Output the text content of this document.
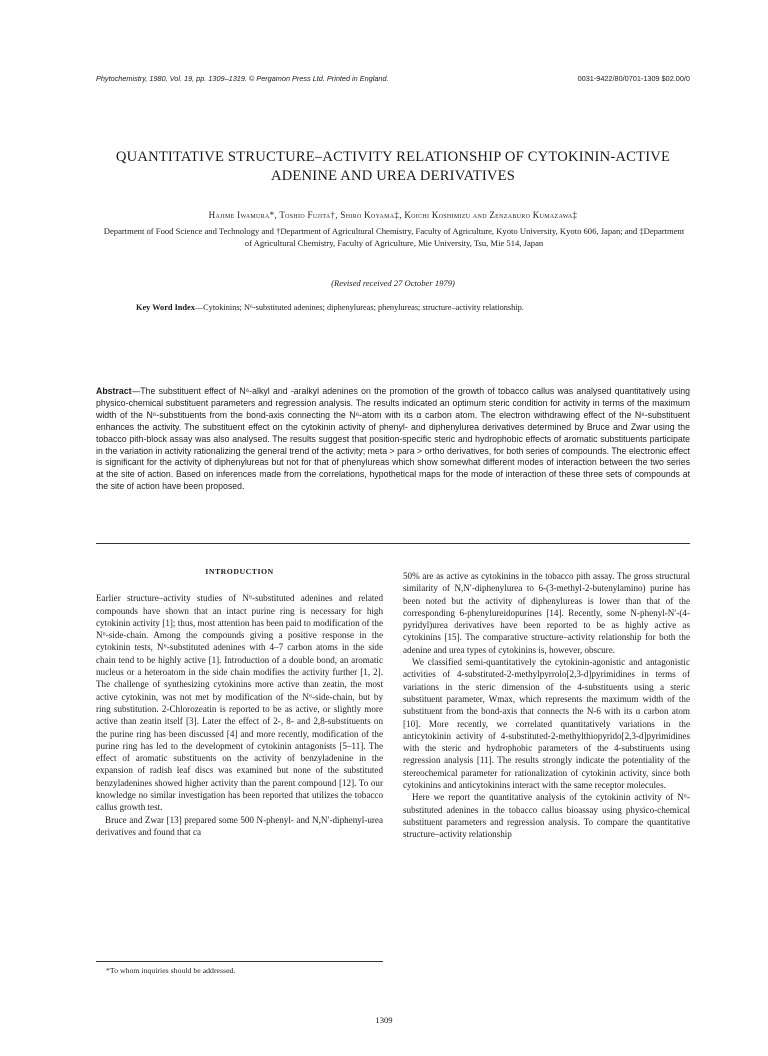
Phytochemistry, 1980, Vol. 19, pp. 1309–1319. © Pergamon Press Ltd. Printed in England.	0031-9422/80/0701-1309 $02.00/0
QUANTITATIVE STRUCTURE–ACTIVITY RELATIONSHIP OF CYTOKININ-ACTIVE ADENINE AND UREA DERIVATIVES
Hajime Iwamura*, Toshio Fujita†, Shiro Koyama‡, Koichi Koshimizu and Zenzaburo Kumazawa‡
Department of Food Science and Technology and †Department of Agricultural Chemistry, Faculty of Agriculture, Kyoto University, Kyoto 606, Japan; and ‡Department of Agricultural Chemistry, Faculty of Agriculture, Mie University, Tsu, Mie 514, Japan
(Revised received 27 October 1979)
Key Word Index—Cytokinins; N⁶-substituted adenines; diphenylureas; phenylureas; structure–activity relationship.
Abstract—The substituent effect of N⁶-alkyl and -aralkyl adenines on the promotion of the growth of tobacco callus was analysed quantitatively using physico-chemical substituent parameters and regression analysis. The results indicated an optimum steric condition for activity in terms of the maximum width of the N⁶-substituents from the bond-axis connecting the N⁶-atom with its α carbon atom. The electron withdrawing effect of the N⁶-substituent enhances the activity. The substituent effect on the cytokinin activity of phenyl- and diphenylurea derivatives determined by Bruce and Zwar using the tobacco pith-block assay was also analysed. The results suggest that position-specific steric and hydrophobic effects of aromatic substituents participate in the variation in activity rationalizing the general trend of the activity; meta > para > ortho derivatives, for both series of compounds. The electronic effect is significant for the activity of diphenylureas but not for that of phenylureas which show somewhat different modes of interaction between the two series at the site of action. Based on inferences made from the correlations, hypothetical maps for the mode of interaction of these three sets of compounds at the site of action have been proposed.
INTRODUCTION

Earlier structure–activity studies of N⁶-substituted adenines and related compounds have shown that an intact purine ring is necessary for high cytokinin activity [1]; thus, most attention has been paid to modification of the N⁶-side-chain. Among the compounds giving a positive response in the cytokinin tests, N⁶-substituted adenines with 4–7 carbon atoms in the side chain tend to be highly active [1]. Introduction of a double bond, an aromatic nucleus or a heteroatom in the side chain modifies the activity further [1, 2]. The challenge of synthesizing cytokinins more active than zeatin, the most active cytokinin, was not met by modification of the N⁶-side-chain, but by ring substitution. 2-Chlorozeatin is reported to be as active, or slightly more active than zeatin itself [3]. Later the effect of 2-, 8- and 2,8-substituents on the purine ring has been discussed [4] and more recently, modification of the purine ring has led to the development of cytokinin antagonists [5–11]. The effect of aromatic substituents on the activity of benzyladenine in the expansion of radish leaf discs was examined but none of the substituted benzyladenines showed higher activity than the parent compound [12]. To our knowledge no similar investigation has been reported that utilizes the tobacco callus growth test.

Bruce and Zwar [13] prepared some 500 N-phenyl- and N,N′-diphenyl-urea derivatives and found that ca

50% are as active as cytokinins in the tobacco pith assay. The gross structural similarity of N,N′-diphenylurea to 6-(3-methyl-2-butenylamino) purine has been noted but the activity of diphenylureas is lower than that of the corresponding 6-phenylureidopurines [14]. Recently, some N-phenyl-N′-(4-pyridyl)urea derivatives have been reported to be as highly active as cytokinins [15]. The comparative structure–activity relationship for both the adenine and urea types of cytokinins is, however, obscure.

We classified semi-quantitatively the cytokinin-agonistic and antagonistic activities of 4-substituted-2-methylpyrrolo[2,3-d]pyrimidines in terms of variations in the steric dimension of the 4-substituents using a steric substituent parameter, Wmax, which represents the maximum width of the substituent from the bond-axis that connects the N-6 with its α carbon atom [10]. More recently, we correlated quantitatively variations in the anticytokinin activity of 4-substituted-2-methylthiopyrido[2,3-d]pyrimidines with the steric and hydrophobic parameters of the 4-substituents using regression analysis [11]. The results strongly indicate the potentiality of the stereochemical parameter for rationalization of cytokinin activity, since both cytokinins and anticytokinins interact with the same receptor molecules.

Here we report the quantitative analysis of the cytokinin activity of N⁶-substituted adenines in the tobacco callus bioassay using physico-chemical substituent parameters and regression analysis. To compare the quantitative structure–activity relationship

*To whom inquiries should be addressed.
1309
